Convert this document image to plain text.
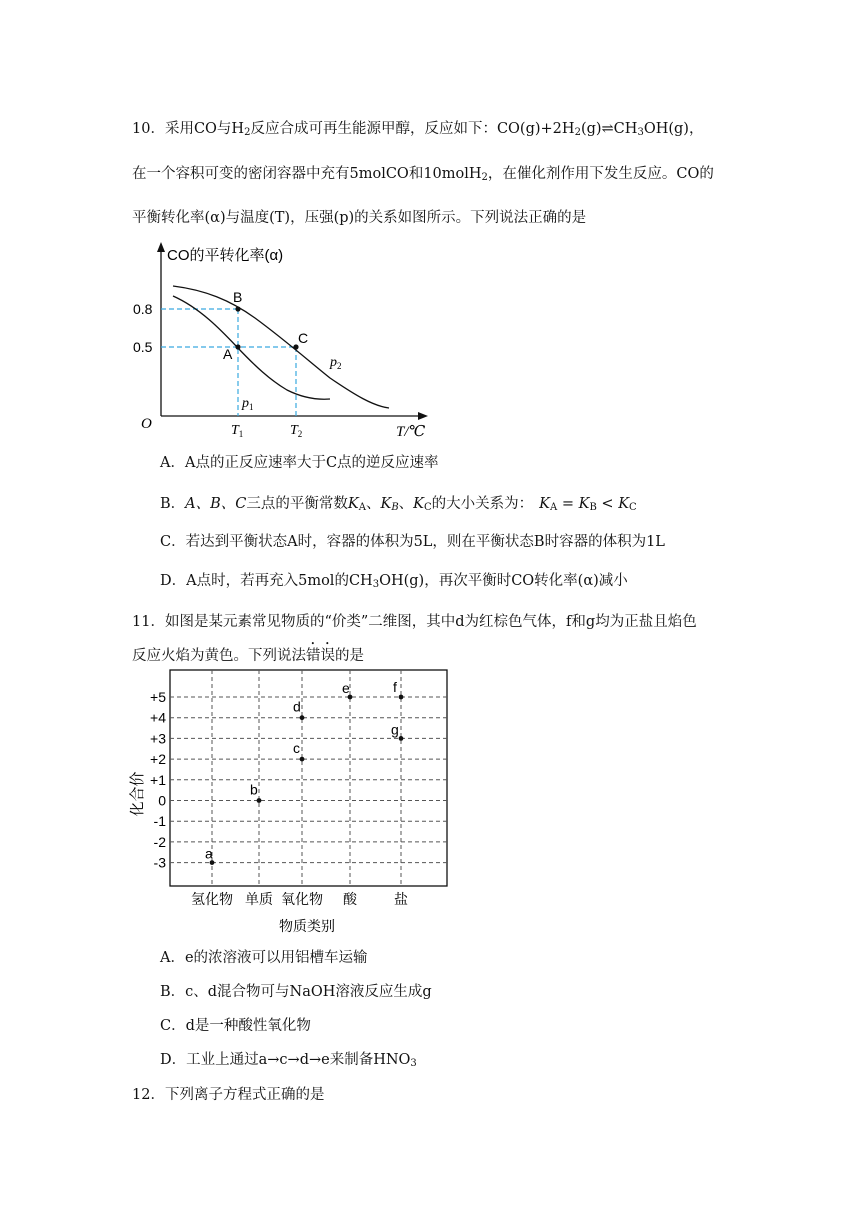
10．采用CO与$H_2$反应合成可再生能源甲醇，反应如下：$CO(g)+2H_2(g)\rightleftharpoons CH_3OH(g)$，
在一个容积可变的密闭容器中充有5molCO和10molH$_2$，在催化剂作用下发生反应。CO的
平衡转化率(α)与温度(T)，压强(p)的关系如图所示。下列说法正确的是
CO的平转化率(α)
O	T/℃
B
A
C
0.8
0.5
$T_1$	$T_2$
$p_1$
$p_2$
A．A点的正反应速率大于C点的逆反应速率
B．A、B、C三点的平衡常数$K_A$、$K_B$、$K_C$的大小关系为： $K_A = K_B < K_C$
C．若达到平衡状态A时，容器的体积为5L，则在平衡状态B时容器的体积为1L
D．A点时，若再充入5mol的$CH_3OH(g)$，再次平衡时CO转化率(α)减小
11．如图是某元素常见物质的“价类”二维图，其中d为红棕色气体，f和g均为正盐且焰色
反应火焰为黄色。下列说法错误的是
+5
+4
+3
+2
+1
0
-1
-2
-3
氢化物 单质 氧化物 酸	盐
a
b
c
d
e	f
g
化合价
物质类别
A．e的浓溶液可以用铝槽车运输
B．c、d混合物可与NaOH溶液反应生成g
C．d是一种酸性氧化物
D．工业上通过a→c→d→e来制备$HNO_3$
12．下列离子方程式正确的是
